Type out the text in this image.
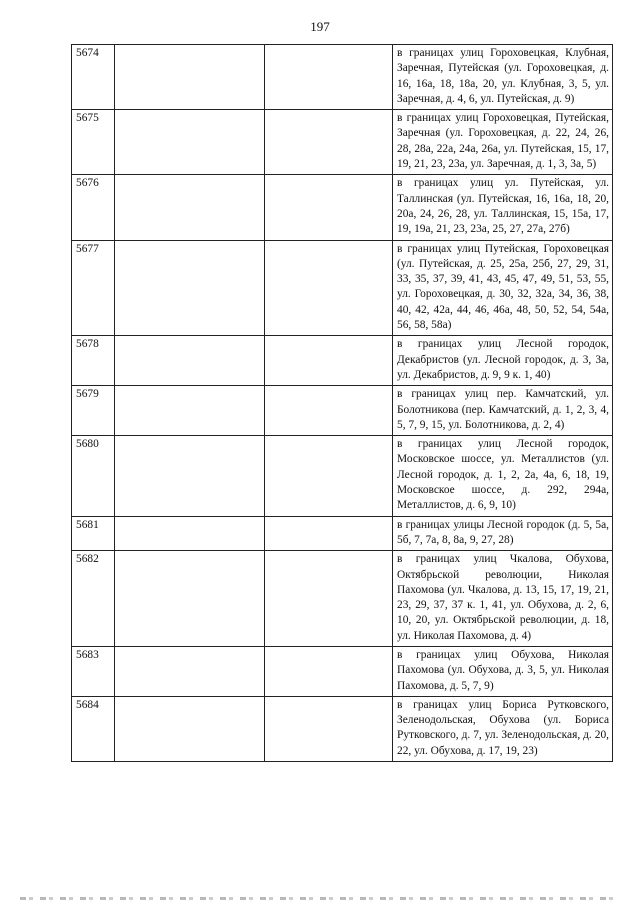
197
5674			в границах улиц Гороховецкая, Клубная, Заречная, Путейская (ул. Гороховецкая, д. 16, 16а, 18, 18а, 20, ул. Клубная, 3, 5, ул. Заречная, д. 4, 6, ул. Путейская, д. 9)
5675			в границах улиц Гороховецкая, Путейская, Заречная (ул. Гороховецкая, д. 22, 24, 26, 28, 28а, 22а, 24а, 26а, ул. Путейская, 15, 17, 19, 21, 23, 23а, ул. Заречная, д. 1, 3, 3а, 5)
5676			в границах улиц ул. Путейская, ул. Таллинская (ул. Путейская, 16, 16а, 18, 20, 20а, 24, 26, 28, ул. Таллинская, 15, 15а, 17, 19, 19а, 21, 23, 23а, 25, 27, 27а, 27б)
5677			в границах улиц Путейская, Гороховецкая (ул. Путейская, д. 25, 25а, 25б, 27, 29, 31, 33, 35, 37, 39, 41, 43, 45, 47, 49, 51, 53, 55, ул. Гороховецкая, д. 30, 32, 32а, 34, 36, 38, 40, 42, 42а, 44, 46, 46а, 48, 50, 52, 54, 54а, 56, 58, 58а)
5678			в границах улиц Лесной городок, Декабристов (ул. Лесной городок, д. 3, 3а, ул. Декабристов, д. 9, 9 к. 1, 40)
5679			в границах улиц пер. Камчатский, ул. Болотникова (пер. Камчатский, д. 1, 2, 3, 4, 5, 7, 9, 15, ул. Болотникова, д. 2, 4)
5680			в границах улиц Лесной городок, Московское шоссе, ул. Металлистов (ул. Лесной городок, д. 1, 2, 2а, 4а, 6, 18, 19, Московское шоссе, д. 292, 294а, Металлистов, д. 6, 9, 10)
5681			в границах улицы Лесной городок (д. 5, 5а, 5б, 7, 7а, 8, 8а, 9, 27, 28)
5682			в границах улиц Чкалова, Обухова, Октябрьской революции, Николая Пахомова (ул. Чкалова, д. 13, 15, 17, 19, 21, 23, 29, 37, 37 к. 1, 41, ул. Обухова, д. 2, 6, 10, 20, ул. Октябрьской революции, д. 18, ул. Николая Пахомова, д. 4)
5683			в границах улиц Обухова, Николая Пахомова (ул. Обухова, д. 3, 5, ул. Николая Пахомова, д. 5, 7, 9)
5684			в границах улиц Бориса Рутковского, Зеленодольская, Обухова (ул. Бориса Рутковского, д. 7, ул. Зеленодольская, д. 20, 22, ул. Обухова, д. 17, 19, 23)
